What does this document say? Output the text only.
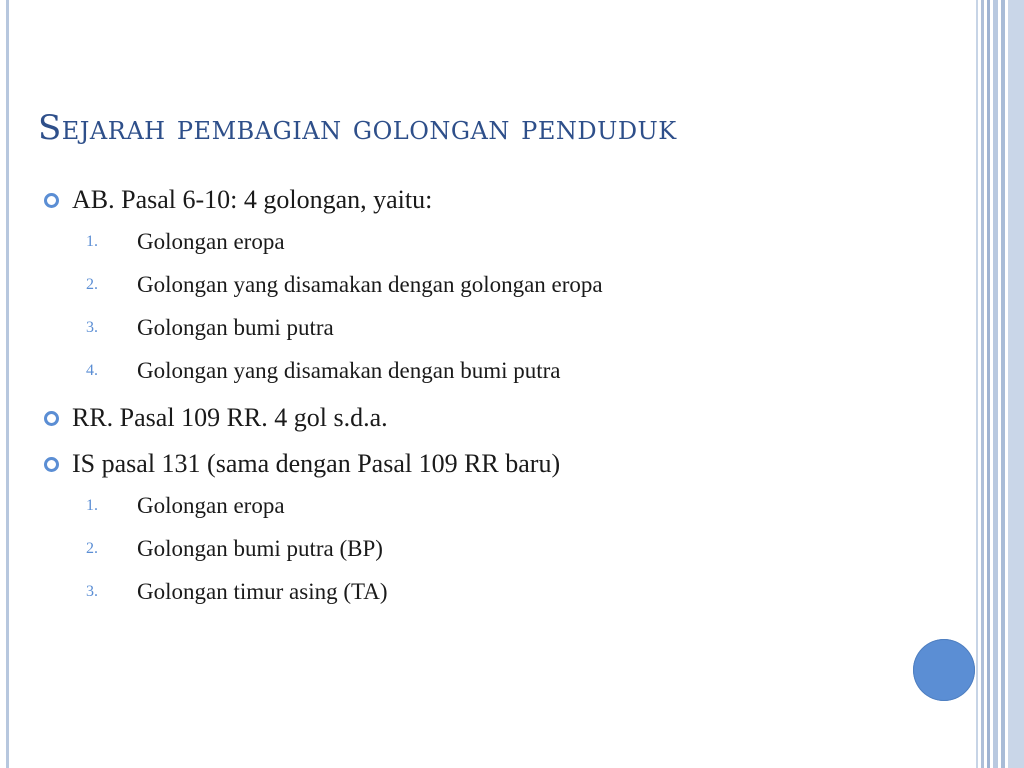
Sejarah pembagian golongan penduduk
AB. Pasal 6-10: 4 golongan, yaitu:
1.	Golongan eropa
2.	Golongan yang disamakan dengan golongan eropa
3.	Golongan bumi putra
4.	Golongan yang disamakan dengan bumi putra
RR. Pasal 109 RR. 4 gol s.d.a.
IS pasal 131 (sama dengan Pasal 109 RR baru)
1.	Golongan eropa
2.	Golongan bumi putra (BP)
3.	Golongan timur asing (TA)
